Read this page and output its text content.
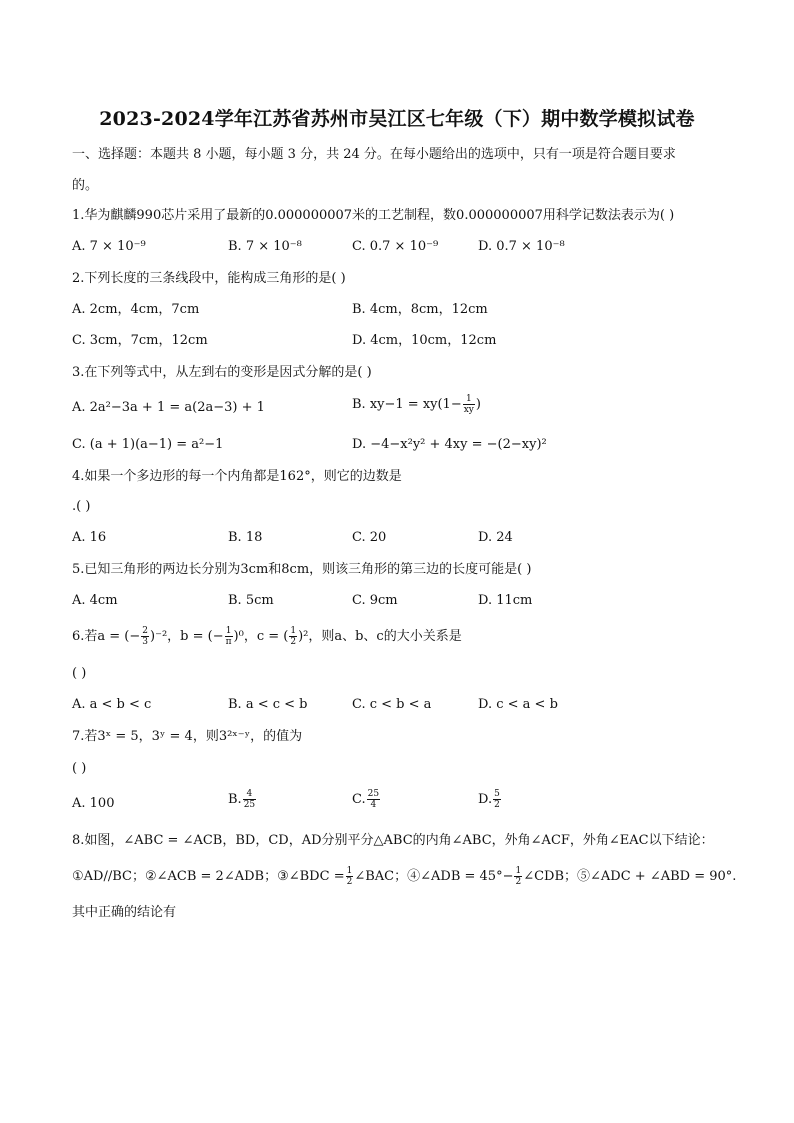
2023-2024学年江苏省苏州市吴江区七年级（下）期中数学模拟试卷
一、选择题：本题共 8 小题，每小题 3 分，共 24 分。在每小题给出的选项中，只有一项是符合题目要求
的。
1.华为麒麟990芯片采用了最新的0.000000007米的工艺制程，数0.000000007用科学记数法表示为( )
A. 7 × 10⁻⁹	B. 7 × 10⁻⁸	C. 0.7 × 10⁻⁹	D. 0.7 × 10⁻⁸
2.下列长度的三条线段中，能构成三角形的是( )
A. 2cm，4cm，7cm	B. 4cm，8cm，12cm
C. 3cm，7cm，12cm	D. 4cm，10cm，12cm
3.在下列等式中，从左到右的变形是因式分解的是( )
A. 2a²−3a + 1 = a(2a−3) + 1	B. $xy-1 = xy(1- \frac{1}{xy}$ )
C. (a + 1)(a−1) = a²−1	D. −4−x²y² + 4xy = −(2−xy)²
4.如果一个多边形的每一个内角都是162°，则它的边数是
.( )
A. 16	B. 18	C. 20	D. 24
5.已知三角形的两边长分别为3cm和8cm，则该三角形的第三边的长度可能是( )
A. 4cm	B. 5cm	C. 9cm	D. 11cm
6.若a = (− $\frac{2}{3} )^{-2}$，b = (− $\frac{1}{\pi} )^0$，c = ( $\frac{1}{2} )^2$，则a、b、c的大小关系是
( )
A. a < b < c	B. a < c < b	C. c < b < a	D. c < a < b
7.若3ˣ = 5，3ʸ = 4，则3²ˣ⁻ʸ，的值为
( )
A. 100	B. $\frac{4}{25}$	C. $\frac{25}{4}$	D. $\frac{5}{2}$
8.如图，∠ABC = ∠ACB，BD，CD，AD分别平分△ABC的内角∠ABC，外角∠ACF，外角∠EAC以下结论：
①AD//BC；②∠ACB = 2∠ADB；③∠BDC = $\frac{1}{2}$ ∠BAC；④∠ADB = $45^\circ- \frac{1}{2}$ ∠CDB；⑤∠ADC + ∠ABD = 90°.
其中正确的结论有
